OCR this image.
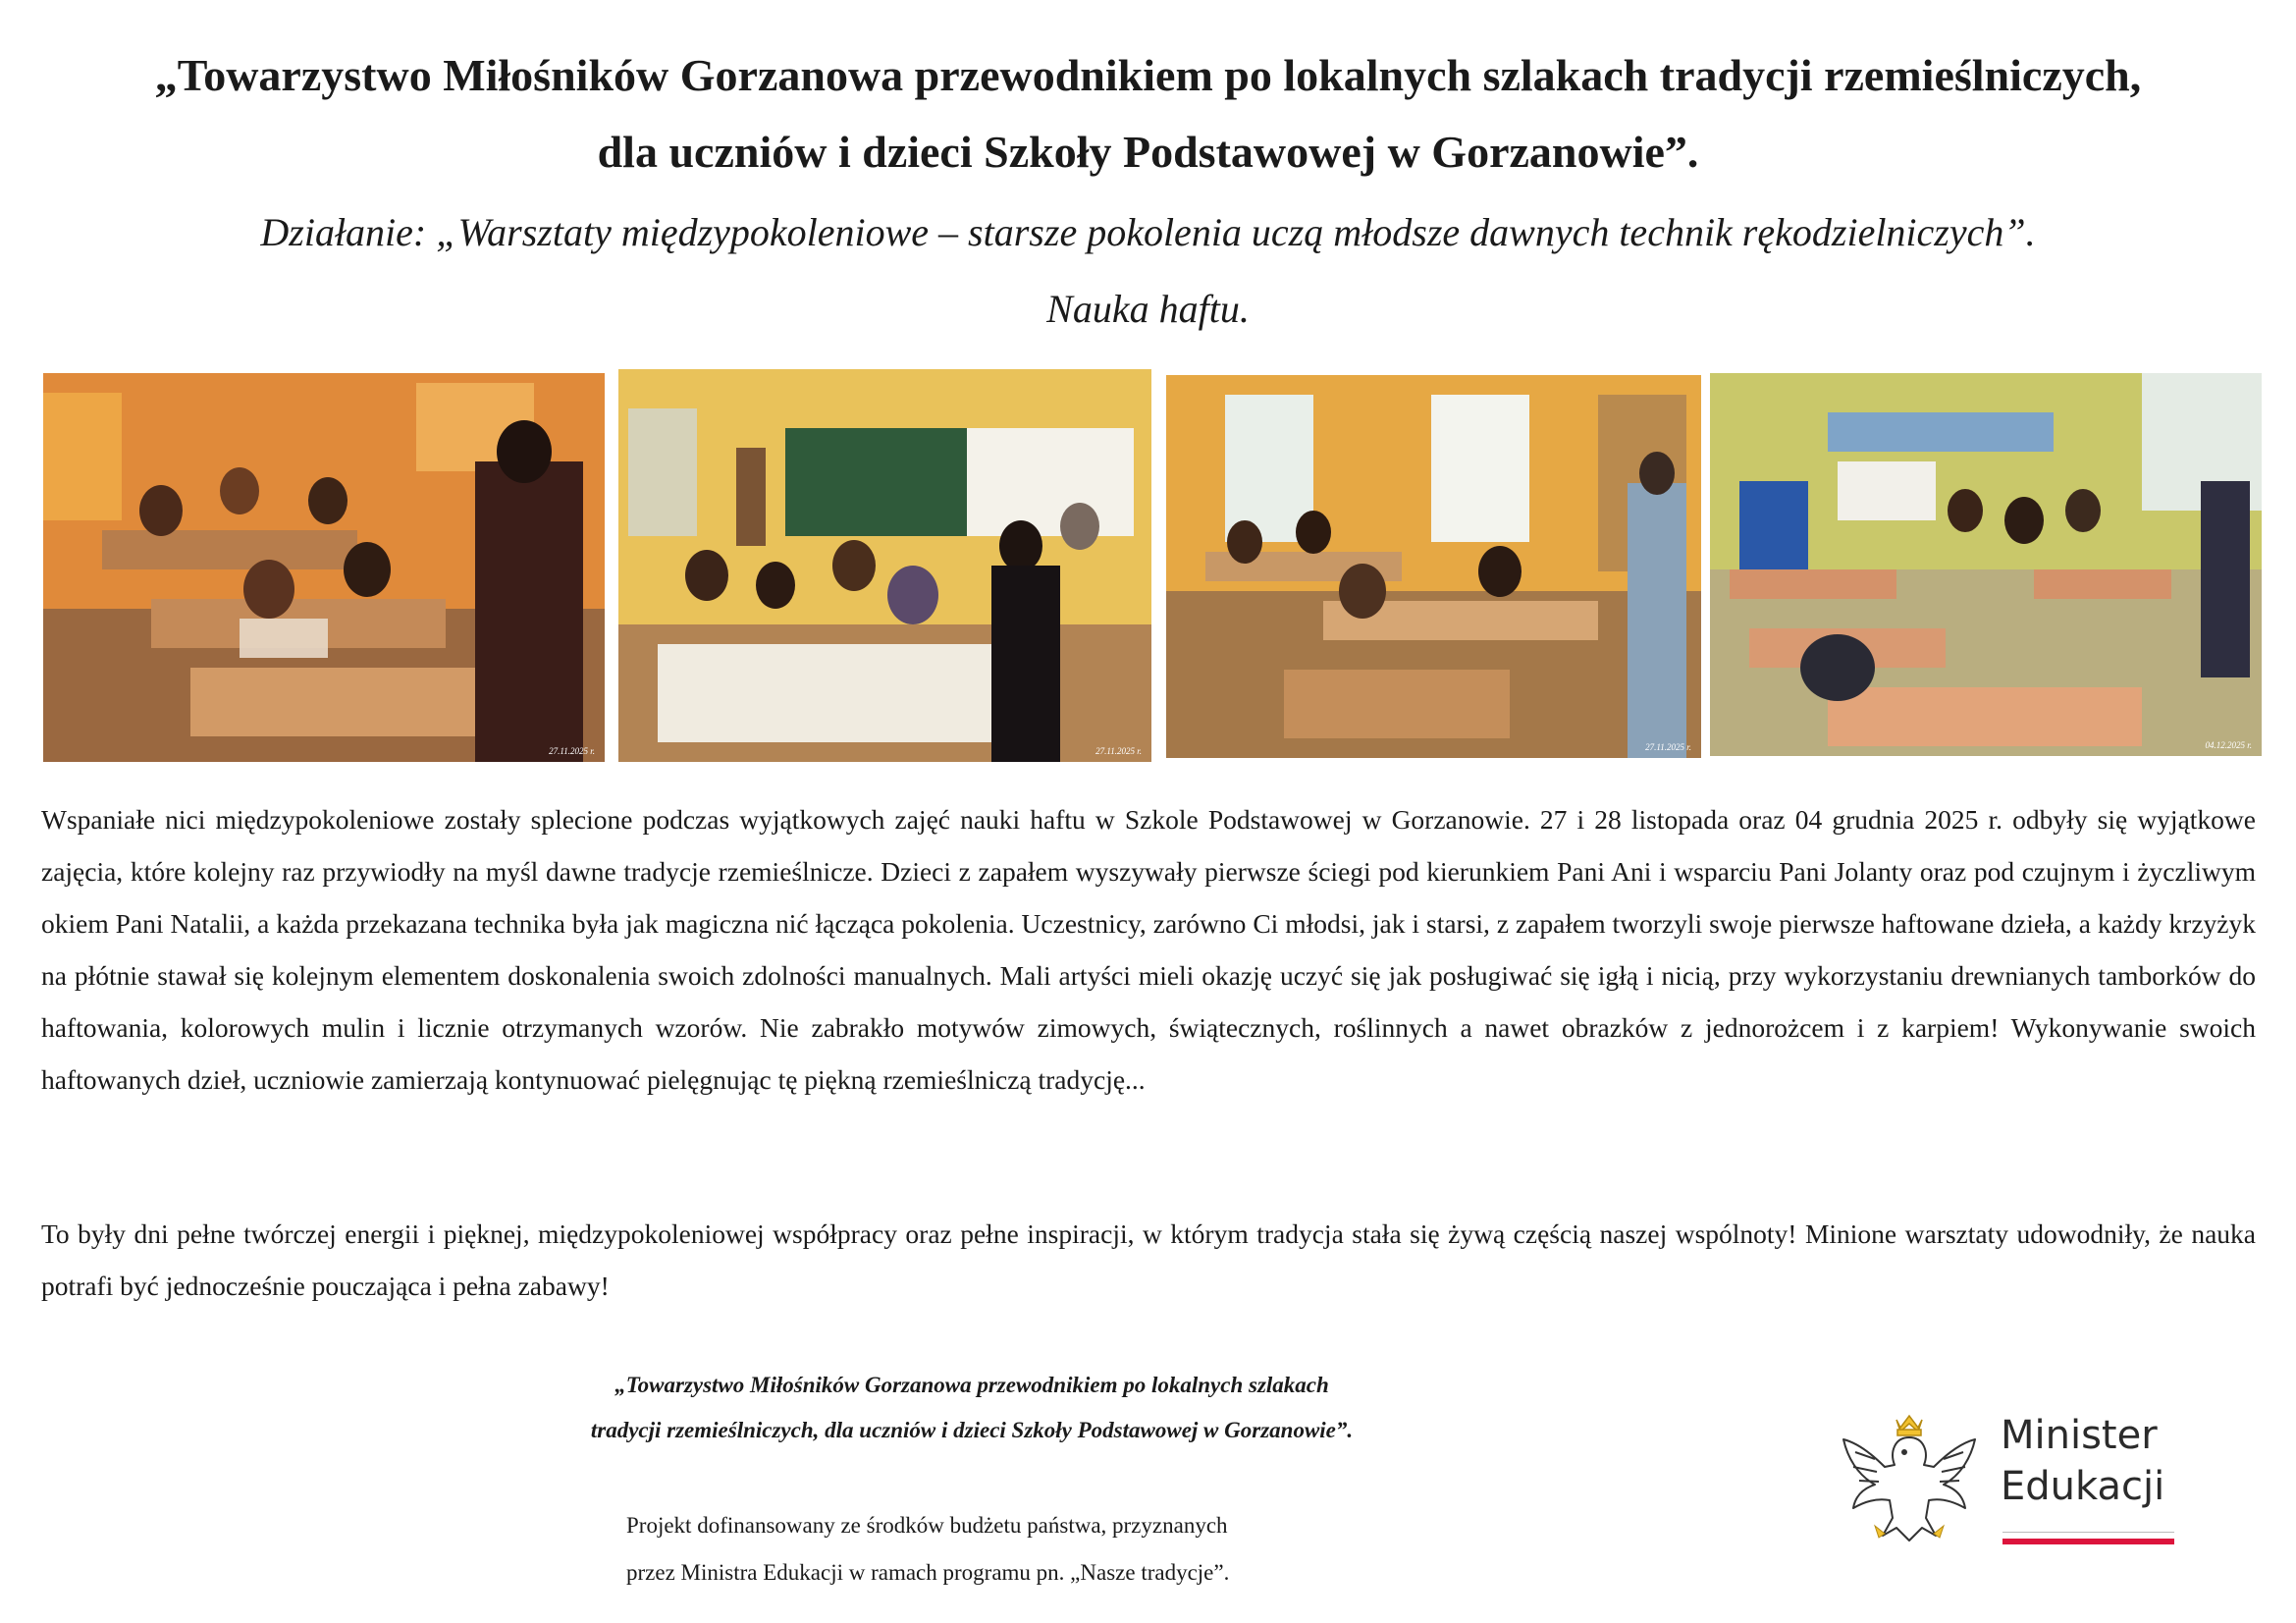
„Towarzystwo Miłośników Gorzanowa przewodnikiem po lokalnych szlakach tradycji rzemieślniczych,
dla uczniów i dzieci Szkoły Podstawowej w Gorzanowie”.

Działanie: „Warsztaty międzypokoleniowe – starsze pokolenia uczą młodsze dawnych technik rękodzielniczych”.
Nauka haftu.

27.11.2025 r.	27.11.2025 r.	27.11.2025 r.	04.12.2025 r.

Wspaniałe nici międzypokoleniowe zostały splecione podczas wyjątkowych zajęć nauki haftu w Szkole Podstawowej w Gorzanowie. 27 i 28 listopada oraz 04 grudnia 2025 r. odbyły się wyjątkowe zajęcia, które kolejny raz przywiodły na myśl dawne tradycje rzemieślnicze. Dzieci z zapałem wyszywały pierwsze ściegi pod kierunkiem Pani Ani i wsparciu Pani Jolanty oraz pod czujnym i życzliwym okiem Pani Natalii, a każda przekazana technika była jak magiczna nić łącząca pokolenia. Uczestnicy, zarówno Ci młodsi, jak i starsi, z zapałem tworzyli swoje pierwsze haftowane dzieła, a każdy krzyżyk na płótnie stawał się kolejnym elementem doskonalenia swoich zdolności manualnych. Mali artyści mieli okazję uczyć się jak posługiwać się igłą i nicią, przy wykorzystaniu drewnianych tamborków do haftowania, kolorowych mulin i licznie otrzymanych wzorów. Nie zabrakło motywów zimowych, świątecznych, roślinnych a nawet obrazków z jednorożcem i z karpiem! Wykonywanie swoich haftowanych dzieł, uczniowie zamierzają kontynuować pielęgnując tę piękną rzemieślniczą tradycję...

To były dni pełne twórczej energii i pięknej, międzypokoleniowej współpracy oraz pełne inspiracji, w którym tradycja stała się żywą częścią naszej wspólnoty! Minione warsztaty udowodniły, że nauka potrafi być jednocześnie pouczająca i pełna zabawy!

„Towarzystwo Miłośników Gorzanowa przewodnikiem po lokalnych szlakach
tradycji rzemieślniczych, dla uczniów i dzieci Szkoły Podstawowej w Gorzanowie”.

Projekt dofinansowany ze środków budżetu państwa, przyznanych
przez Ministra Edukacji w ramach programu pn. „Nasze tradycje”.

Minister
Edukacji
